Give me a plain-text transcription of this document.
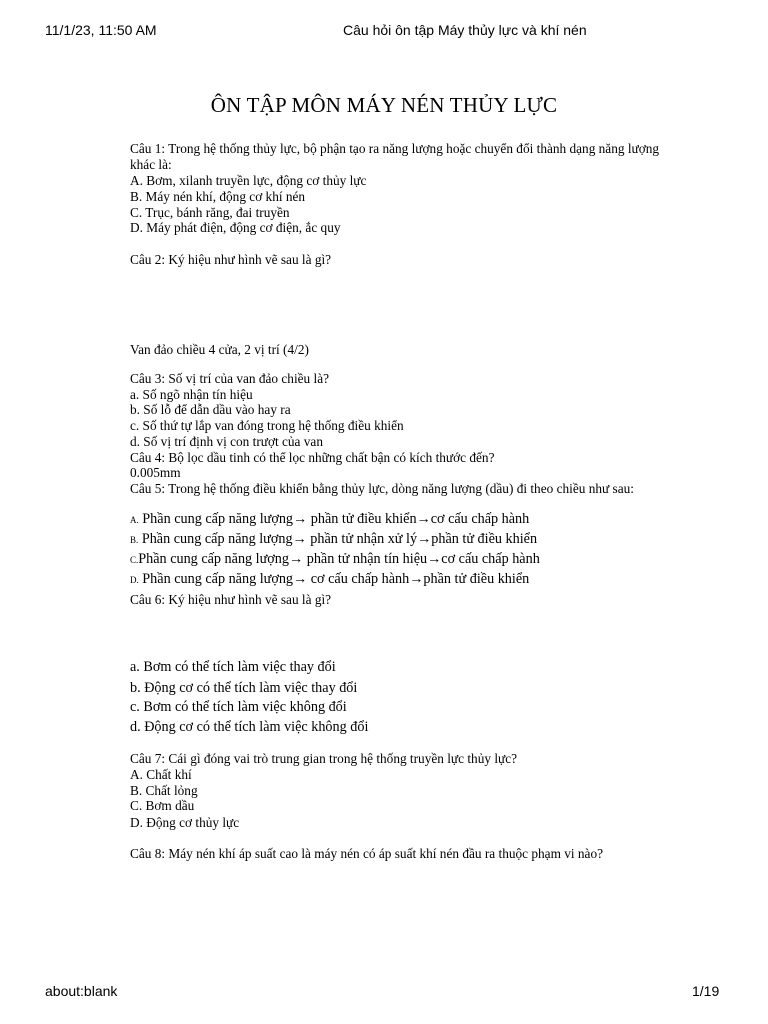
11/1/23, 11:50 AM	Câu hỏi ôn tập Máy thủy lực và khí nén
ÔN TẬP MÔN MÁY NÉN THỦY LỰC
Câu 1: Trong hệ thống thủy lực, bộ phận tạo ra năng lượng hoặc chuyển đổi thành dạng năng lượng khác là:
A. Bơm, xilanh truyền lực, động cơ thủy lực
B. Máy nén khí, động cơ khí nén
C. Trục, bánh răng, đai truyền
D. Máy phát điện, động cơ điện, ắc quy
Câu 2: Ký hiệu như hình vẽ sau là gì?
Van đảo chiều 4 cửa, 2 vị trí (4/2)
Câu 3: Số vị trí của van đảo chiều là?
a. Số ngõ nhận tín hiệu
b. Số lỗ để dẫn dầu vào hay ra
c. Số thứ tự lắp van đóng trong hệ thống điều khiển
d. Số vị trí định vị con trượt của van
Câu 4: Bộ lọc dầu tinh có thể lọc những chất bận có kích thước đến?
0.005mm
Câu 5: Trong hệ thống điều khiển bằng thủy lực, dòng năng lượng (dầu) đi theo chiều như sau:
A. Phần cung cấp năng lượng→ phần tử điều khiển→cơ cấu chấp hành
B. Phần cung cấp năng lượng→ phần tử nhận xử lý→phần tử điều khiển
C.Phần cung cấp năng lượng→ phần tử nhận tín hiệu→cơ cấu chấp hành
D. Phần cung cấp năng lượng→ cơ cấu chấp hành→phần tử điều khiển
Câu 6: Ký hiệu như hình vẽ sau là gì?
a. Bơm có thể tích làm việc thay đổi
b. Động cơ có thể tích làm việc thay đổi
c. Bơm có thể tích làm việc không đổi
d. Động cơ có thể tích làm việc không đổi
Câu 7: Cái gì đóng vai trò trung gian trong hệ thống truyền lực thủy lực?
A. Chất khí
B. Chất lỏng
C. Bơm dầu
D. Động cơ thủy lực
Câu 8: Máy nén khí áp suất cao là máy nén có áp suất khí nén đầu ra thuộc phạm vi nào?
about:blank	1/19
